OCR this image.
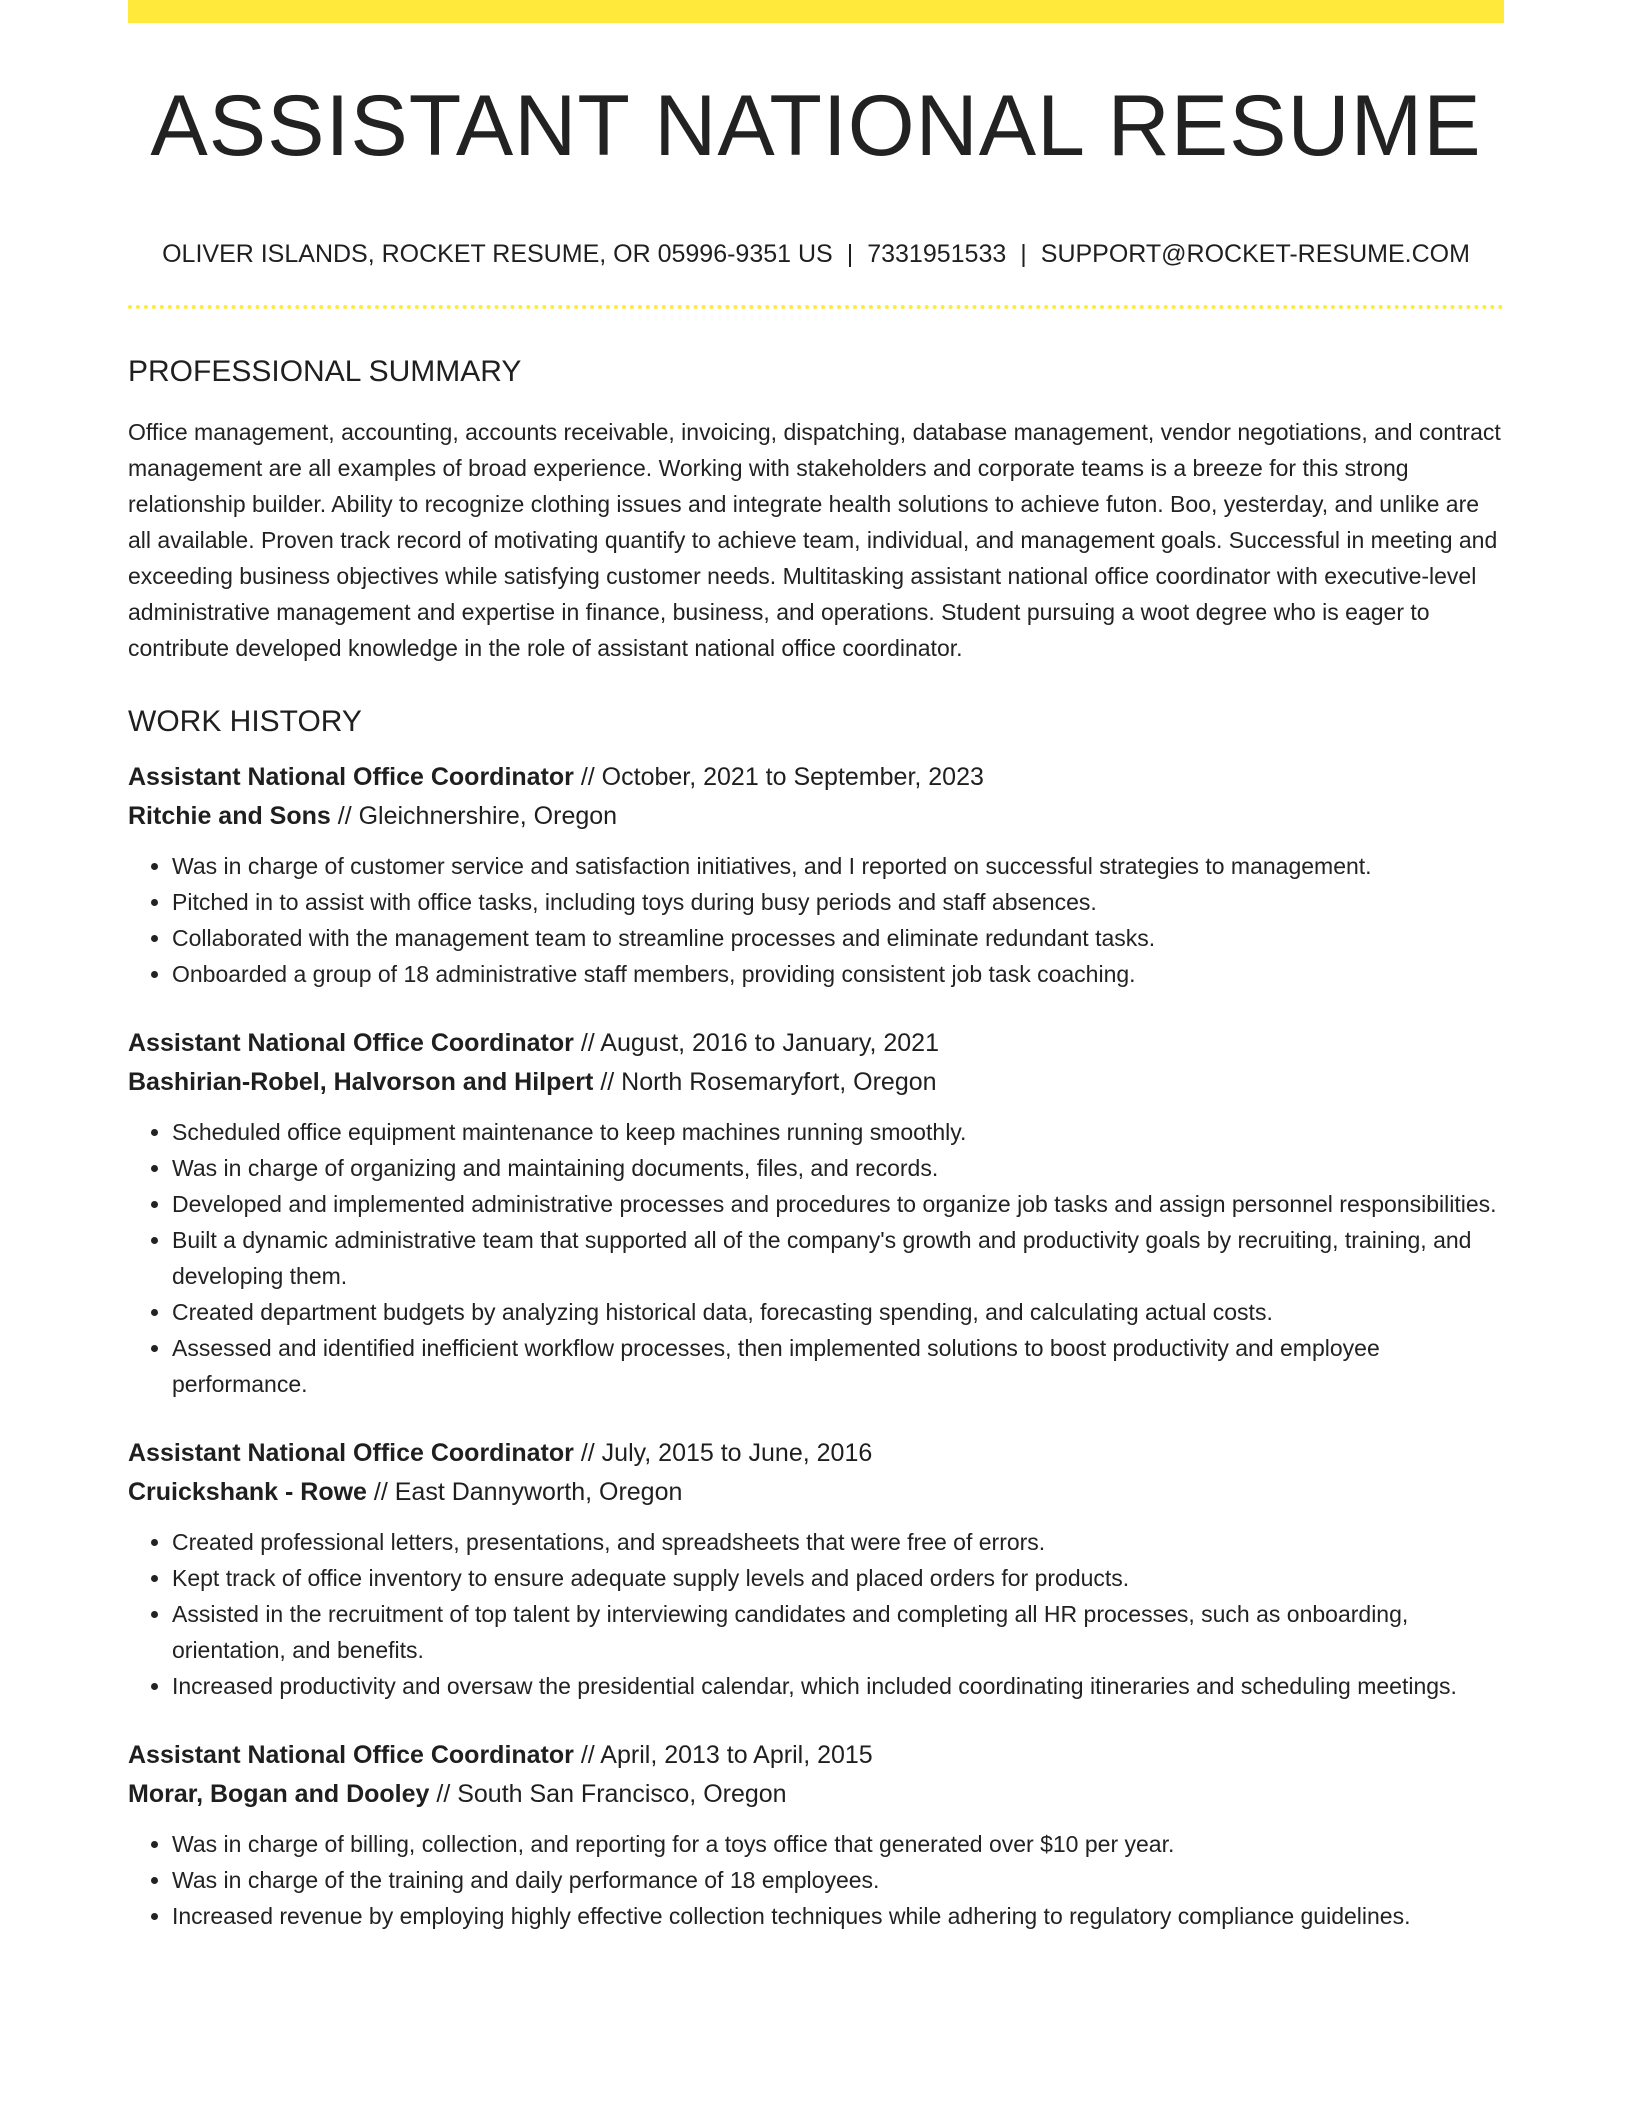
ASSISTANT NATIONAL RESUME
OLIVER ISLANDS, ROCKET RESUME, OR 05996-9351 US | 7331951533 | SUPPORT@ROCKET-RESUME.COM
PROFESSIONAL SUMMARY

Office management, accounting, accounts receivable, invoicing, dispatching, database management, vendor negotiations, and contract management are all examples of broad experience. Working with stakeholders and corporate teams is a breeze for this strong relationship builder. Ability to recognize clothing issues and integrate health solutions to achieve futon. Boo, yesterday, and unlike are all available. Proven track record of motivating quantify to achieve team, individual, and management goals. Successful in meeting and exceeding business objectives while satisfying customer needs. Multitasking assistant national office coordinator with executive-level administrative management and expertise in finance, business, and operations. Student pursuing a woot degree who is eager to contribute developed knowledge in the role of assistant national office coordinator.

WORK HISTORY
Assistant National Office Coordinator // October, 2021 to September, 2023
Ritchie and Sons // Gleichnershire, Oregon
• Was in charge of customer service and satisfaction initiatives, and I reported on successful strategies to management.
• Pitched in to assist with office tasks, including toys during busy periods and staff absences.
• Collaborated with the management team to streamline processes and eliminate redundant tasks.
• Onboarded a group of 18 administrative staff members, providing consistent job task coaching.
Assistant National Office Coordinator // August, 2016 to January, 2021
Bashirian-Robel, Halvorson and Hilpert // North Rosemaryfort, Oregon
• Scheduled office equipment maintenance to keep machines running smoothly.
• Was in charge of organizing and maintaining documents, files, and records.
• Developed and implemented administrative processes and procedures to organize job tasks and assign personnel responsibilities.
• Built a dynamic administrative team that supported all of the company's growth and productivity goals by recruiting, training, and developing them.
• Created department budgets by analyzing historical data, forecasting spending, and calculating actual costs.
• Assessed and identified inefficient workflow processes, then implemented solutions to boost productivity and employee performance.
Assistant National Office Coordinator // July, 2015 to June, 2016
Cruickshank - Rowe // East Dannyworth, Oregon
• Created professional letters, presentations, and spreadsheets that were free of errors.
• Kept track of office inventory to ensure adequate supply levels and placed orders for products.
• Assisted in the recruitment of top talent by interviewing candidates and completing all HR processes, such as onboarding, orientation, and benefits.
• Increased productivity and oversaw the presidential calendar, which included coordinating itineraries and scheduling meetings.
Assistant National Office Coordinator // April, 2013 to April, 2015
Morar, Bogan and Dooley // South San Francisco, Oregon
• Was in charge of billing, collection, and reporting for a toys office that generated over $10 per year.
• Was in charge of the training and daily performance of 18 employees.
• Increased revenue by employing highly effective collection techniques while adhering to regulatory compliance guidelines.
